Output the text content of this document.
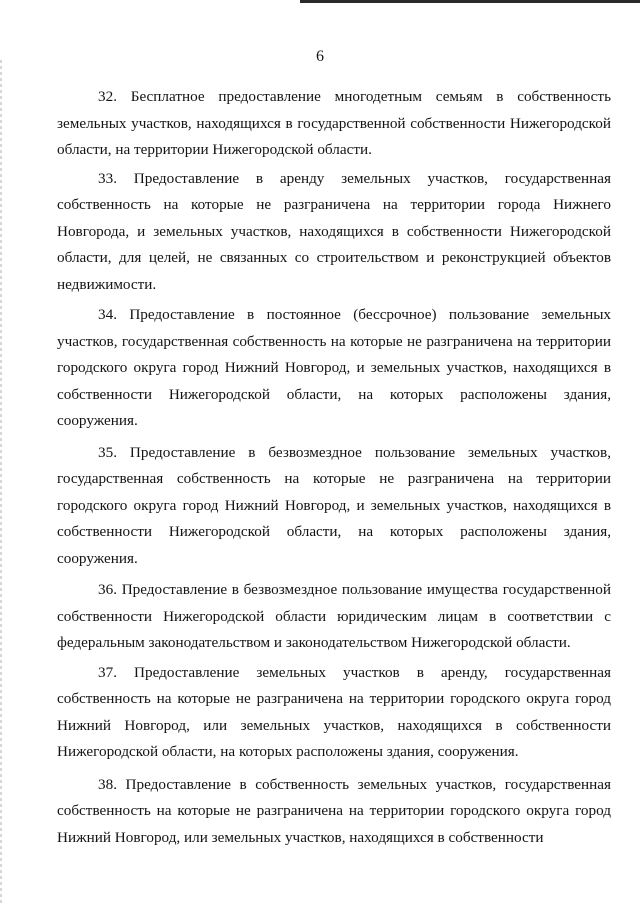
6

32. Бесплатное предоставление многодетным семьям в собственность земельных участков, находящихся в государственной собственности Нижегородской области, на территории Нижегородской области.

33. Предоставление в аренду земельных участков, государственная собственность на которые не разграничена на территории города Нижнего Новгорода, и земельных участков, находящихся в собственности Нижегородской области, для целей, не связанных со строительством и реконструкцией объектов недвижимости.

34. Предоставление в постоянное (бессрочное) пользование земельных участков, государственная собственность на которые не разграничена на территории городского округа город Нижний Новгород, и земельных участков, находящихся в собственности Нижегородской области, на которых расположены здания, сооружения.

35. Предоставление в безвозмездное пользование земельных участков, государственная собственность на которые не разграничена на территории городского округа город Нижний Новгород, и земельных участков, находящихся в собственности Нижегородской области, на которых расположены здания, сооружения.

36. Предоставление в безвозмездное пользование имущества государственной собственности Нижегородской области юридическим лицам в соответствии с федеральным законодательством и законодательством Нижегородской области.

37. Предоставление земельных участков в аренду, государственная собственность на которые не разграничена на территории городского округа город Нижний Новгород, или земельных участков, находящихся в собственности Нижегородской области, на которых расположены здания, сооружения.

38. Предоставление в собственность земельных участков, государственная собственность на которые не разграничена на территории городского округа город Нижний Новгород, или земельных участков, находящихся в собственности
